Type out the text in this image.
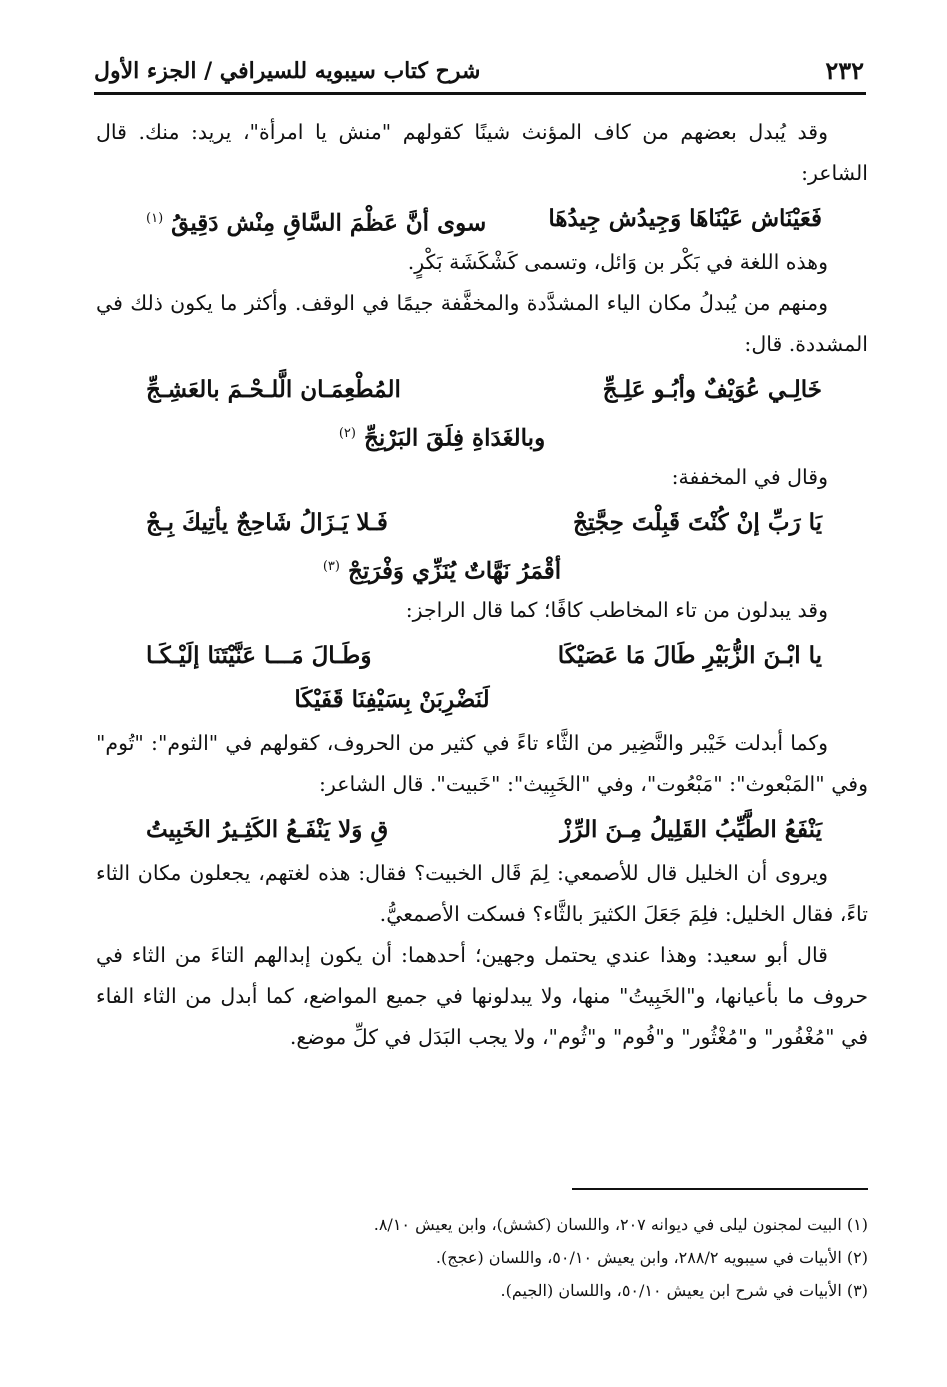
٢٣٢
شرح كتاب سيبويه للسيرافي / الجزء الأول

وقد يُبدل بعضهم من كاف المؤنث شينًا كقولهم "منش يا امرأة"، يريد: منك. قال الشاعر:

فَعَيْنَاش عَيْنَاهَا وَجِيدُش جِيدُهَا
سوى أنَّ عَظْمَ السَّاقِ مِنْش دَقِيقُ $^{(١)}$

وهذه اللغة في بَكْر بن وَائل، وتسمى كَشْكَشَة بَكْرٍ.

ومنهم من يُبدلُ مكان الياء المشدَّدة والمخفَّفة جيمًا في الوقف. وأكثر ما يكون ذلك في المشددة. قال:

خَالِـي عُوَيْفٌ وأبُـو عَلِـجِّ
المُطْعِمَـان الَّلـحْـمَ بالعَشِـجِّ
وبالغَدَاةِ فِلَقَ البَرْنِجِّ $^{(٢)}$

وقال في المخففة:

يَا رَبِّ إنْ كُنْتَ قَبِلْتَ حِجَّتِجْ
فَـلا يَـزَالُ شَاحِجٌ يأتِيكَ بِـجْ
أقْمَرُ نَهَّاتٌ يُنَزِّي وَفْرَتِجْ $^{(٣)}$

وقد يبدلون من تاء المخاطب كافًا؛ كما قال الراجز:

يا ابْـنَ الزُّبَيْرِ طَالَ مَا عَصَيْكَا
وَطَـالَ مَـــا عَنَّيْتَنَا إلَيْـكَـا
لَنَضْرِبَنْ بِسَيْفِنَا قَفَيْكَا

وكما أبدلت خَيْبر والنَّضِير من الثَّاء تاءً في كثير من الحروف، كقولهم في "الثوم": "تُوم" وفي "المَبْعوث": "مَبْعُوت"، وفي "الخَبِيث": "خَبيت". قال الشاعر:

يَنْفَعُ الطَّيِّبُ القَلِيلُ مِـنَ الرِّزْ
قِ وَلا يَنْفَـعُ الكَثِـيرُ الخَبِيتُ

ويروى أن الخليل قال للأصمعي: لِمَ قَال الخبيت؟ فقال: هذه لغتهم، يجعلون مكان الثاء تاءً، فقال الخليل: فلِمَ جَعَلَ الكثيرَ بالثَّاء؟ فسكت الأصمعيُّ.

قال أبو سعيد: وهذا عندي يحتمل وجهين؛ أحدهما: أن يكون إبدالهم التاءَ من الثاء في حروف ما بأعيانها، و"الخَبِيتُ" منها، ولا يبدلونها في جميع المواضع، كما أبدل من الثاء الفاء في "مُغْفُور" و"مُغْثُور" و"فُوم" و"ثُوم"، ولا يجب البَدَل في كلِّ موضع.

(١) البيت لمجنون ليلى في ديوانه ٢٠٧، واللسان (كشش)، وابن يعيش ٨/١٠.

(٢) الأبيات في سيبويه ٢٨٨/٢، وابن يعيش ٥٠/١٠، واللسان (عجج).

(٣) الأبيات في شرح ابن يعيش ٥٠/١٠، واللسان (الجيم).
